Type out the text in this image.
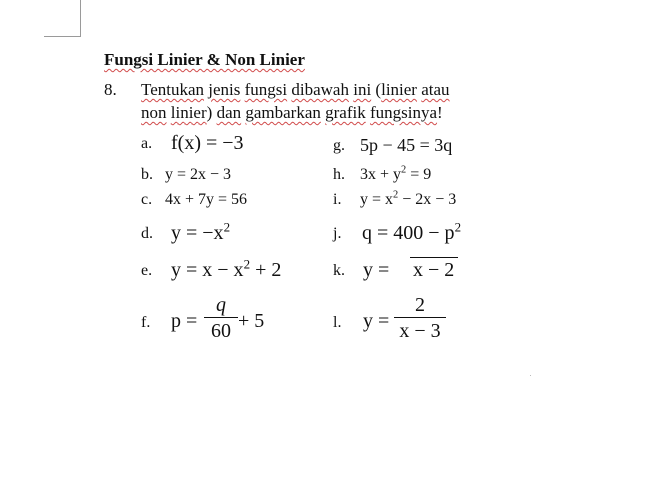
Fungsi Linier & Non Linier
8. Tentukan jenis fungsi dibawah ini (linier atau
non linier) dan gambarkan grafik fungsinya!
a. f(x) = −3
b. y = 2x − 3
c. 4x + 7y = 56
d. $y = -x^2$
e. $y = x - x^2 + 2$
f. $p = \frac{q}{60} + 5$
g. 5p − 45 = 3q
h. $3x + y^2 = 9$
i. $y = x^2 - 2x - 3$
j. $q = 400 - p^2$
k. y = x − 2
l. $y = \frac{2}{x - 3}$
